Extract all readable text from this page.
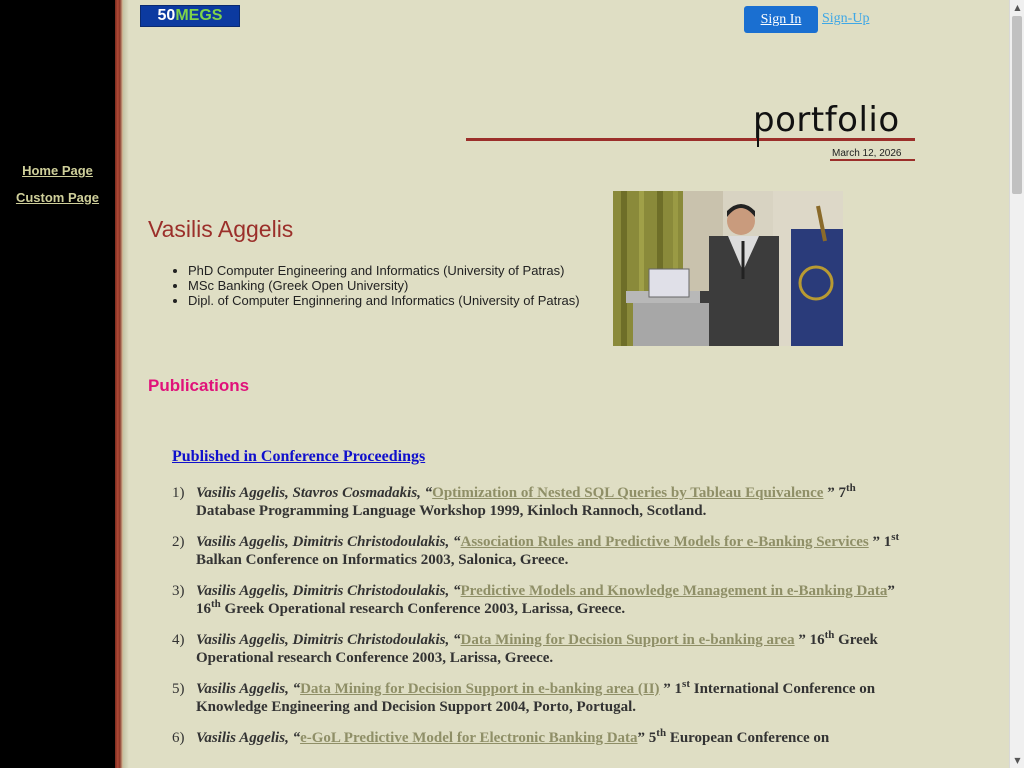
Home Page
Custom Page
50MEGS	Sign In	Sign-Up
portfolio
March 12, 2026
Vasilis Aggelis
• PhD Computer Engineering and Informatics (University of Patras)
• MSc Banking (Greek Open University)
• Dipl. of Computer Enginnering and Informatics (University of Patras)
Publications
Published in Conference Proceedings
1) Vasilis Aggelis, Stavros Cosmadakis, “Optimization of Nested SQL Queries by Tableau Equivalence ” 7th Database Programming Language Workshop 1999, Kinloch Rannoch, Scotland.
2) Vasilis Aggelis, Dimitris Christodoulakis, “Association Rules and Predictive Models for e-Banking Services ” 1st Balkan Conference on Informatics 2003, Salonica, Greece.
3) Vasilis Aggelis, Dimitris Christodoulakis, “Predictive Models and Knowledge Management in e-Banking Data” 16th Greek Operational research Conference 2003, Larissa, Greece.
4) Vasilis Aggelis, Dimitris Christodoulakis, “Data Mining for Decision Support in e-banking area ” 16th Greek Operational research Conference 2003, Larissa, Greece.
5) Vasilis Aggelis, “Data Mining for Decision Support in e-banking area (II) ” 1st International Conference on Knowledge Engineering and Decision Support 2004, Porto, Portugal.
6) Vasilis Aggelis, “e-GoL Predictive Model for Electronic Banking Data” 5th European Conference on
▲
▼
